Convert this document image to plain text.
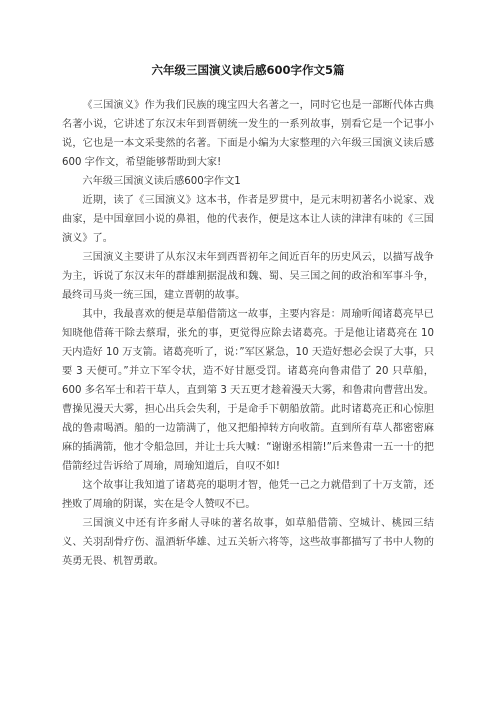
六年级三国演义读后感600字作文5篇

《三国演义》作为我们民族的瑰宝四大名著之一，同时它也是一部断代体古典名著小说，它讲述了东汉末年到晋朝统一发生的一系列故事，别看它是一个记事小说，它也是一本文采斐然的名著。下面是小编为大家整理的六年级三国演义读后感 600 字作文，希望能够帮助到大家!

六年级三国演义读后感600字作文1

近期，读了《三国演义》这本书，作者是罗贯中，是元末明初著名小说家、戏曲家，是中国章回小说的鼻祖，他的代表作，便是这本让人读的津津有味的《三国演义》了。

三国演义主要讲了从东汉末年到西晋初年之间近百年的历史风云，以描写战争为主，诉说了东汉末年的群雄割据混战和魏、蜀、吴三国之间的政治和军事斗争，最终司马炎一统三国，建立晋朝的故事。

其中，我最喜欢的便是草船借箭这一故事，主要内容是：周瑜听闻诸葛亮早已知晓他借蒋干除去蔡瑁，张允的事，更觉得应除去诸葛亮。于是他让诸葛亮在 10 天内造好 10 万支箭。诸葛亮听了，说：”军区紧急，10 天造好想必会误了大事，只要 3 天便可。”并立下军令状，造不好甘愿受罚。诸葛亮向鲁肃借了 20 只草船，600 多名军士和若干草人，直到第 3 天五更才趁着漫天大雾，和鲁肃向曹营出发。曹操见漫天大雾，担心出兵会失利，于是命手下朝船放箭。此时诸葛亮正和心惊胆战的鲁肃喝酒。船的一边箭满了，他又把船掉转方向收箭。直到所有草人都密密麻麻的插满箭，他才令船急回，并让士兵大喊：“谢谢丞相箭!”后来鲁肃一五一十的把借箭经过告诉给了周瑜，周瑜知道后，自叹不如!

这个故事让我知道了诸葛亮的聪明才智，他凭一己之力就借到了十万支箭，还挫败了周瑜的阴谋，实在是令人赞叹不已。

三国演义中还有许多耐人寻味的著名故事，如草船借箭、空城计、桃园三结义、关羽刮骨疗伤、温酒斩华雄、过五关斩六将等，这些故事都描写了书中人物的英勇无畏、机智勇敢。
